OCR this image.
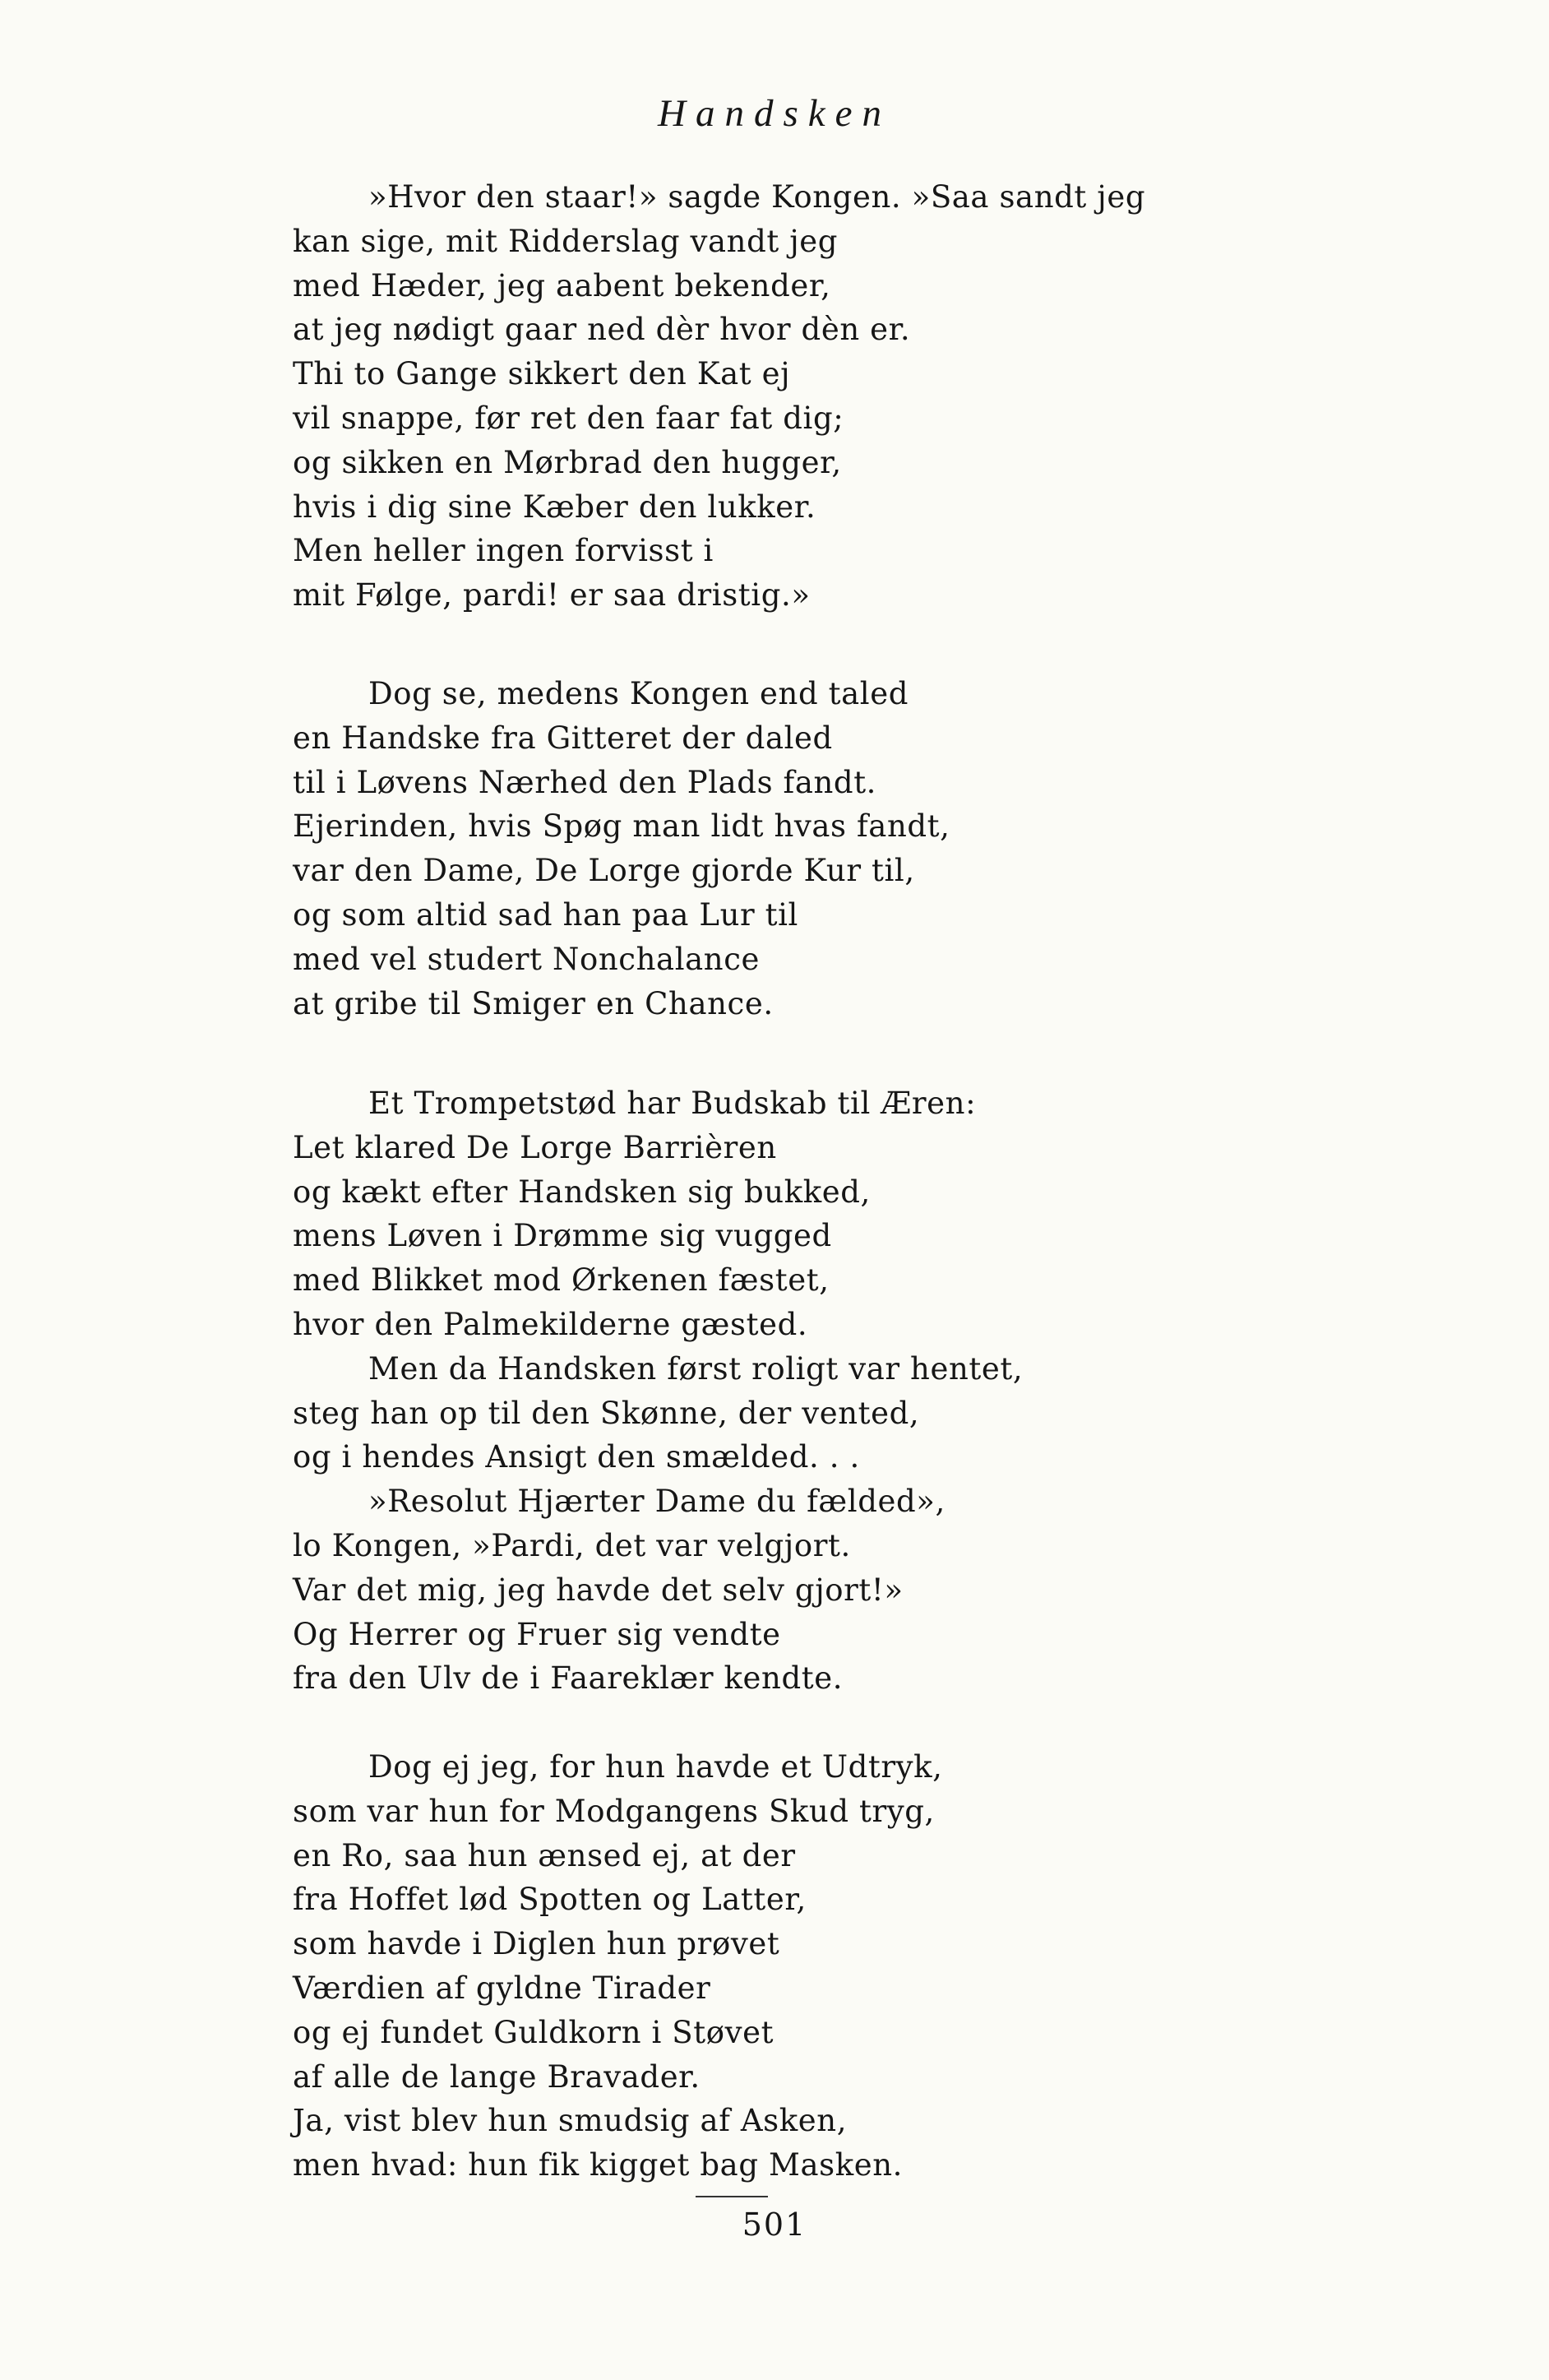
Handsken
»Hvor den staar!» sagde Kongen. »Saa sandt jeg
kan sige, mit Ridderslag vandt jeg
med Hæder, jeg aabent bekender,
at jeg nødigt gaar ned dèr hvor dèn er.
Thi to Gange sikkert den Kat ej
vil snappe, før ret den faar fat dig;
og sikken en Mørbrad den hugger,
hvis i dig sine Kæber den lukker.
Men heller ingen forvisst i
mit Følge, pardi! er saa dristig.»
Dog se, medens Kongen end taled
en Handske fra Gitteret der daled
til i Løvens Nærhed den Plads fandt.
Ejerinden, hvis Spøg man lidt hvas fandt,
var den Dame, De Lorge gjorde Kur til,
og som altid sad han paa Lur til
med vel studert Nonchalance
at gribe til Smiger en Chance.
Et Trompetstød har Budskab til Æren:
Let klared De Lorge Barrièren
og kækt efter Handsken sig bukked,
mens Løven i Drømme sig vugged
med Blikket mod Ørkenen fæstet,
hvor den Palmekilderne gæsted.
Men da Handsken først roligt var hentet,
steg han op til den Skønne, der vented,
og i hendes Ansigt den smælded. . .
»Resolut Hjærter Dame du fælded»,
lo Kongen, »Pardi, det var velgjort.
Var det mig, jeg havde det selv gjort!»
Og Herrer og Fruer sig vendte
fra den Ulv de i Faareklær kendte.
Dog ej jeg, for hun havde et Udtryk,
som var hun for Modgangens Skud tryg,
en Ro, saa hun ænsed ej, at der
fra Hoffet lød Spotten og Latter,
som havde i Diglen hun prøvet
Værdien af gyldne Tirader
og ej fundet Guldkorn i Støvet
af alle de lange Bravader.
Ja, vist blev hun smudsig af Asken,
men hvad: hun fik kigget bag Masken.
501
